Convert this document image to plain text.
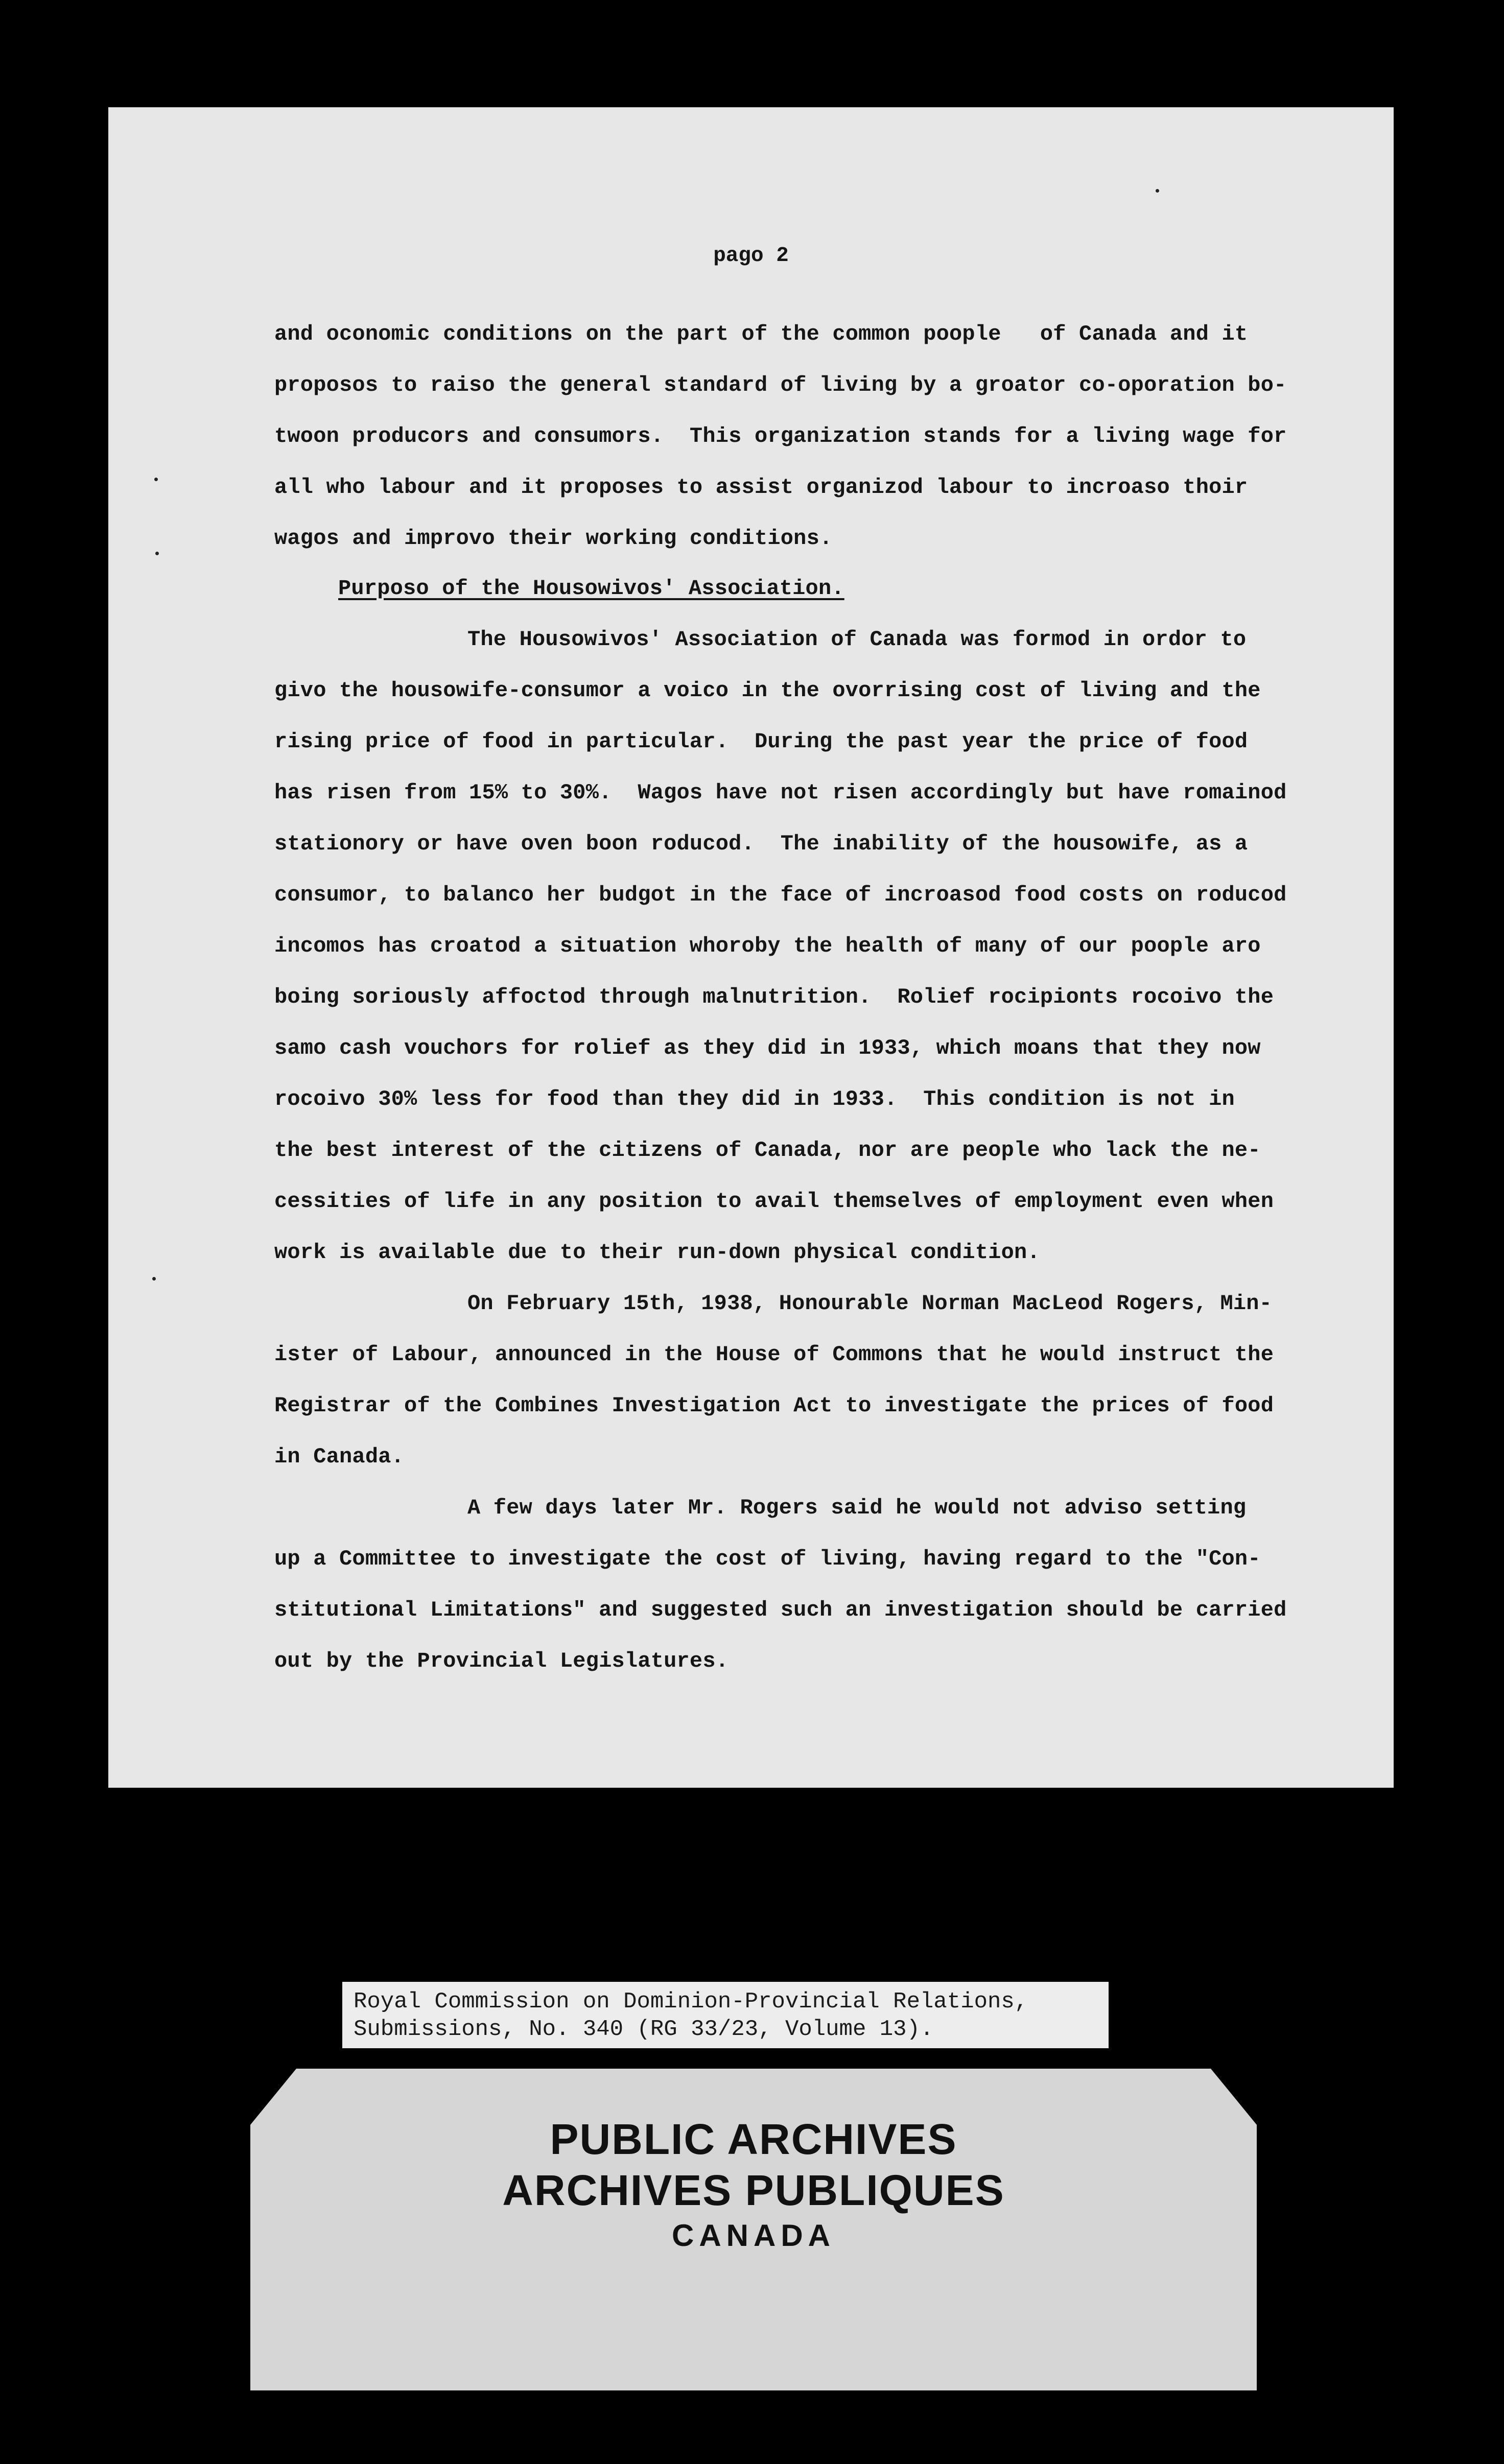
pago 2
and oconomic conditions on the part of the common poople   of Canada and it
proposos to raiso the general standard of living by a groator co-oporation bo-
twoon producors and consumors.  This organization stands for a living wage for
all who labour and it proposes to assist organizod labour to incroaso thoir
wagos and improvo their working conditions.
Purposo of the Housowivos' Association.
The Housowivos' Association of Canada was formod in ordor to
givo the housowife-consumor a voico in the ovorrising cost of living and the
rising price of food in particular.  During the past year the price of food
has risen from 15% to 30%.  Wagos have not risen accordingly but have romainod
stationory or have oven boon roducod.  The inability of the housowife, as a
consumor, to balanco her budgot in the face of incroasod food costs on roducod
incomos has croatod a situation whoroby the health of many of our poople aro
boing soriously affoctod through malnutrition.  Rolief rocipionts rocoivo the
samo cash vouchors for rolief as they did in 1933, which moans that they now
rocoivo 30% less for food than they did in 1933.  This condition is not in
the best interest of the citizens of Canada, nor are people who lack the ne-
cessities of life in any position to avail themselves of employment even when
work is available due to their run-down physical condition.
On February 15th, 1938, Honourable Norman MacLeod Rogers, Min-
ister of Labour, announced in the House of Commons that he would instruct the
Registrar of the Combines Investigation Act to investigate the prices of food
in Canada.
A few days later Mr. Rogers said he would not adviso setting
up a Committee to investigate the cost of living, having regard to the "Con-
stitutional Limitations" and suggested such an investigation should be carried
out by the Provincial Legislatures.
Royal Commission on Dominion-Provincial Relations,
Submissions, No. 340 (RG 33/23, Volume 13).
PUBLIC ARCHIVES
ARCHIVES PUBLIQUES
CANADA
